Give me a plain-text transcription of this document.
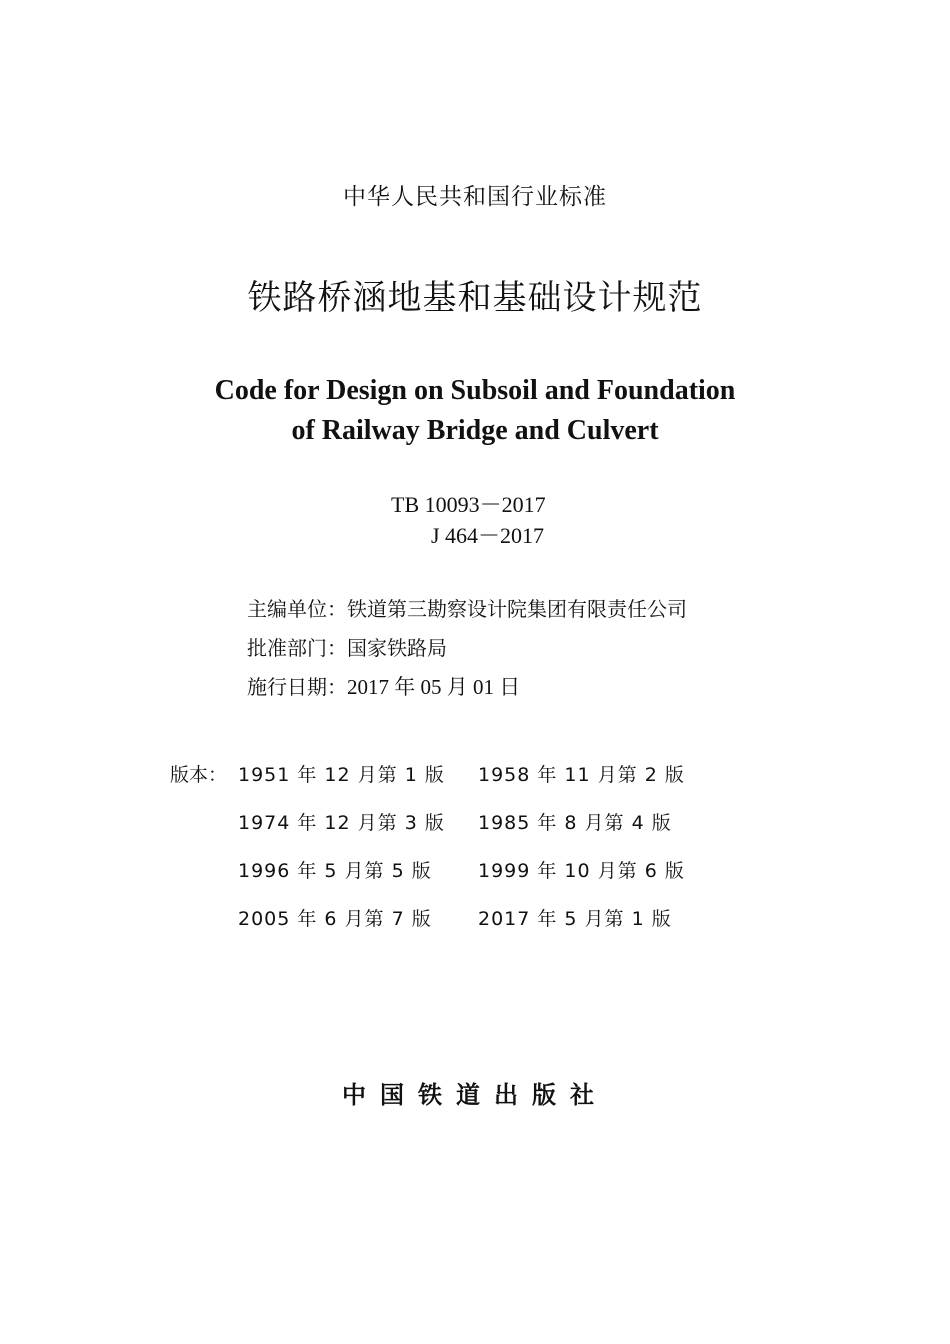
中华人民共和国行业标准
铁路桥涵地基和基础设计规范
Code for Design on Subsoil and Foundation
of Railway Bridge and Culvert
TB 10093－2017
J 464－2017
主编单位：铁道第三勘察设计院集团有限责任公司
批准部门：国家铁路局
施行日期：2017 年 05 月 01 日
版本： 1951 年 12 月第 1 版 1958 年 11 月第 2 版
1974 年 12 月第 3 版 1985 年 8 月第 4 版
1996 年 5 月第 5 版 1999 年 10 月第 6 版
2005 年 6 月第 7 版 2017 年 5 月第 1 版
中国铁道出版社
